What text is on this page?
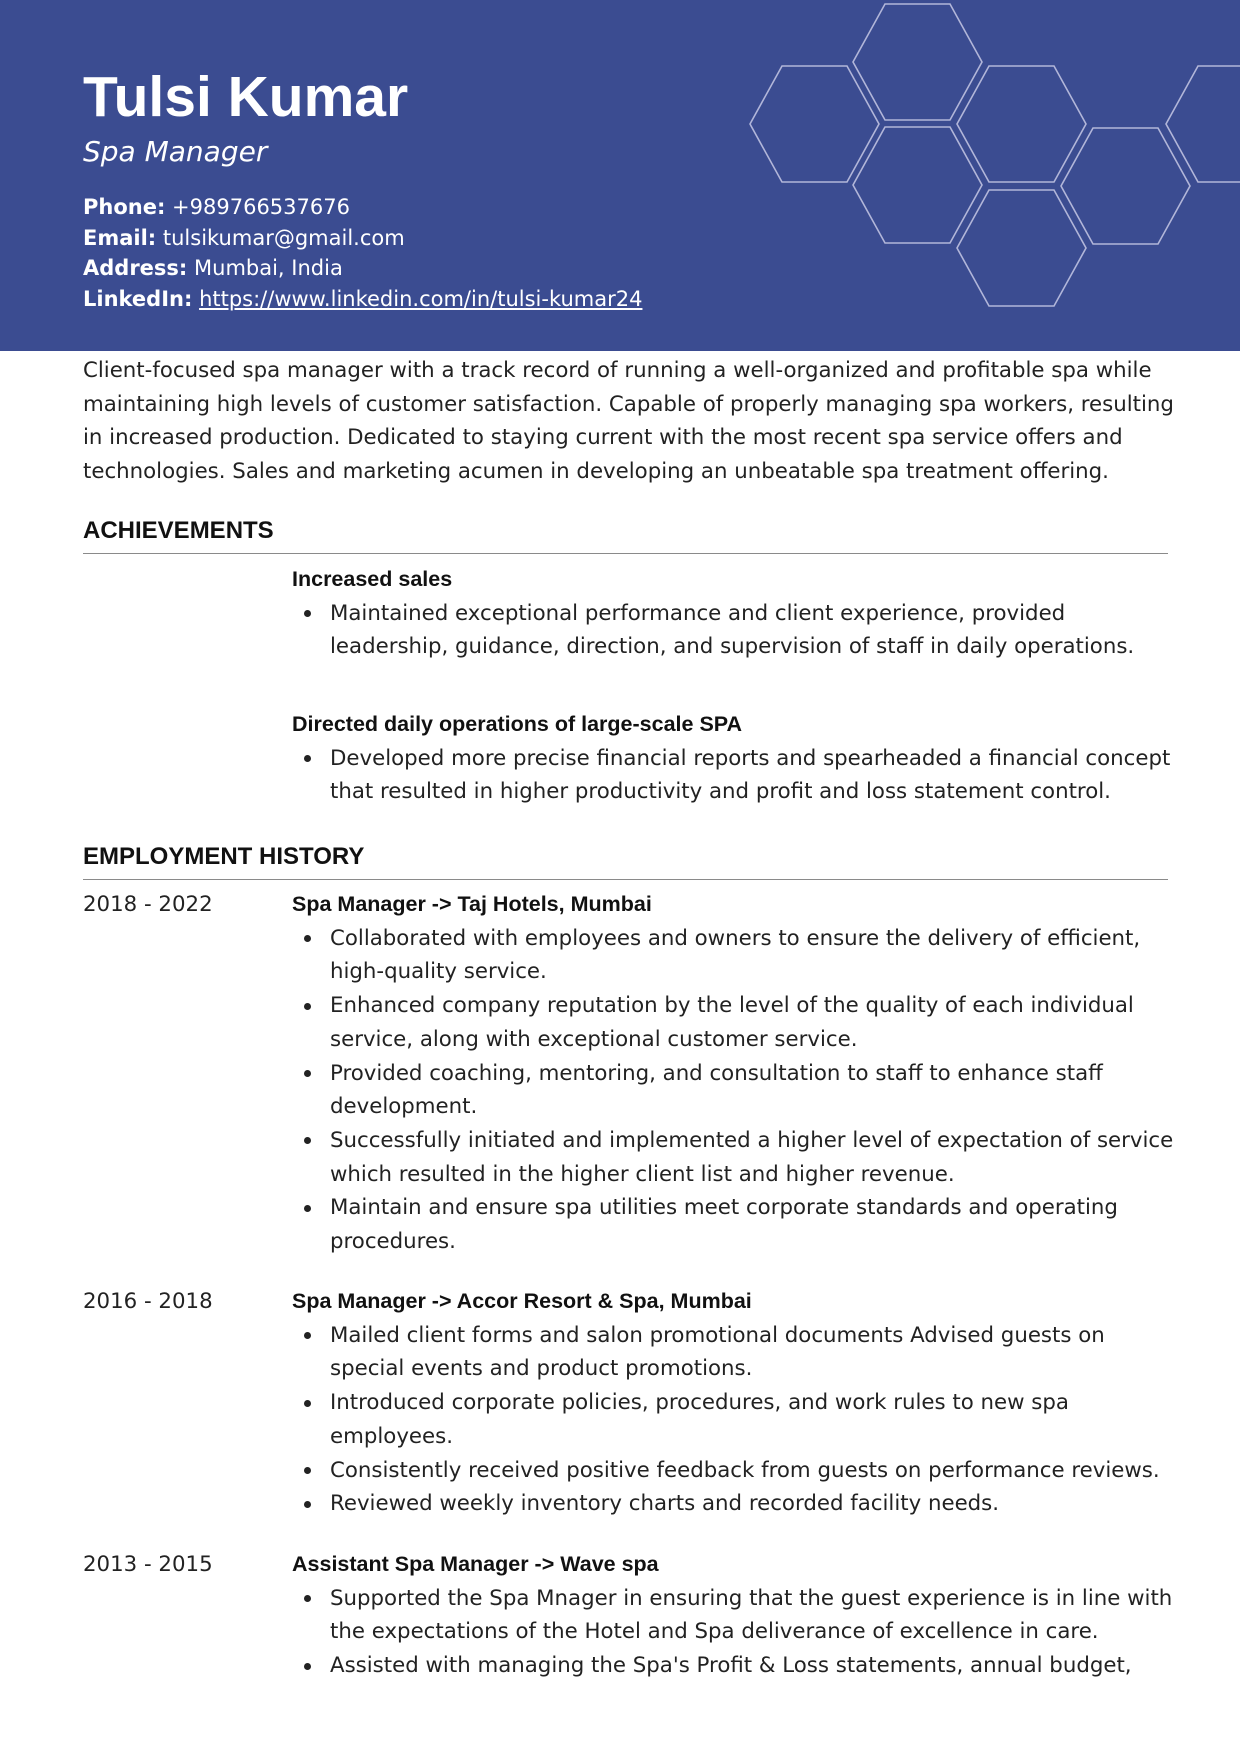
Tulsi Kumar
Spa Manager
Phone: +989766537676
Email: tulsikumar@gmail.com
Address: Mumbai, India
LinkedIn: https://www.linkedin.com/in/tulsi-kumar24

Client-focused spa manager with a track record of running a well-organized and profitable spa while maintaining high levels of customer satisfaction. Capable of properly managing spa workers, resulting in increased production. Dedicated to staying current with the most recent spa service offers and technologies. Sales and marketing acumen in developing an unbeatable spa treatment offering.

ACHIEVEMENTS
Increased sales
Maintained exceptional performance and client experience, provided leadership, guidance, direction, and supervision of staff in daily operations.
Directed daily operations of large-scale SPA
Developed more precise financial reports and spearheaded a financial concept that resulted in higher productivity and profit and loss statement control.
EMPLOYMENT HISTORY
2018 - 2022	Spa Manager -> Taj Hotels, Mumbai
Collaborated with employees and owners to ensure the delivery of efficient, high-quality service.
Enhanced company reputation by the level of the quality of each individual service, along with exceptional customer service.
Provided coaching, mentoring, and consultation to staff to enhance staff development.
Successfully initiated and implemented a higher level of expectation of service which resulted in the higher client list and higher revenue.
Maintain and ensure spa utilities meet corporate standards and operating procedures.
2016 - 2018	Spa Manager -> Accor Resort & Spa, Mumbai
Mailed client forms and salon promotional documents Advised guests on special events and product promotions.
Introduced corporate policies, procedures, and work rules to new spa employees.
Consistently received positive feedback from guests on performance reviews.
Reviewed weekly inventory charts and recorded facility needs.
2013 - 2015	Assistant Spa Manager -> Wave spa
Supported the Spa Mnager in ensuring that the guest experience is in line with the expectations of the Hotel and Spa deliverance of excellence in care.
Assisted with managing the Spa's Profit & Loss statements, annual budget,
